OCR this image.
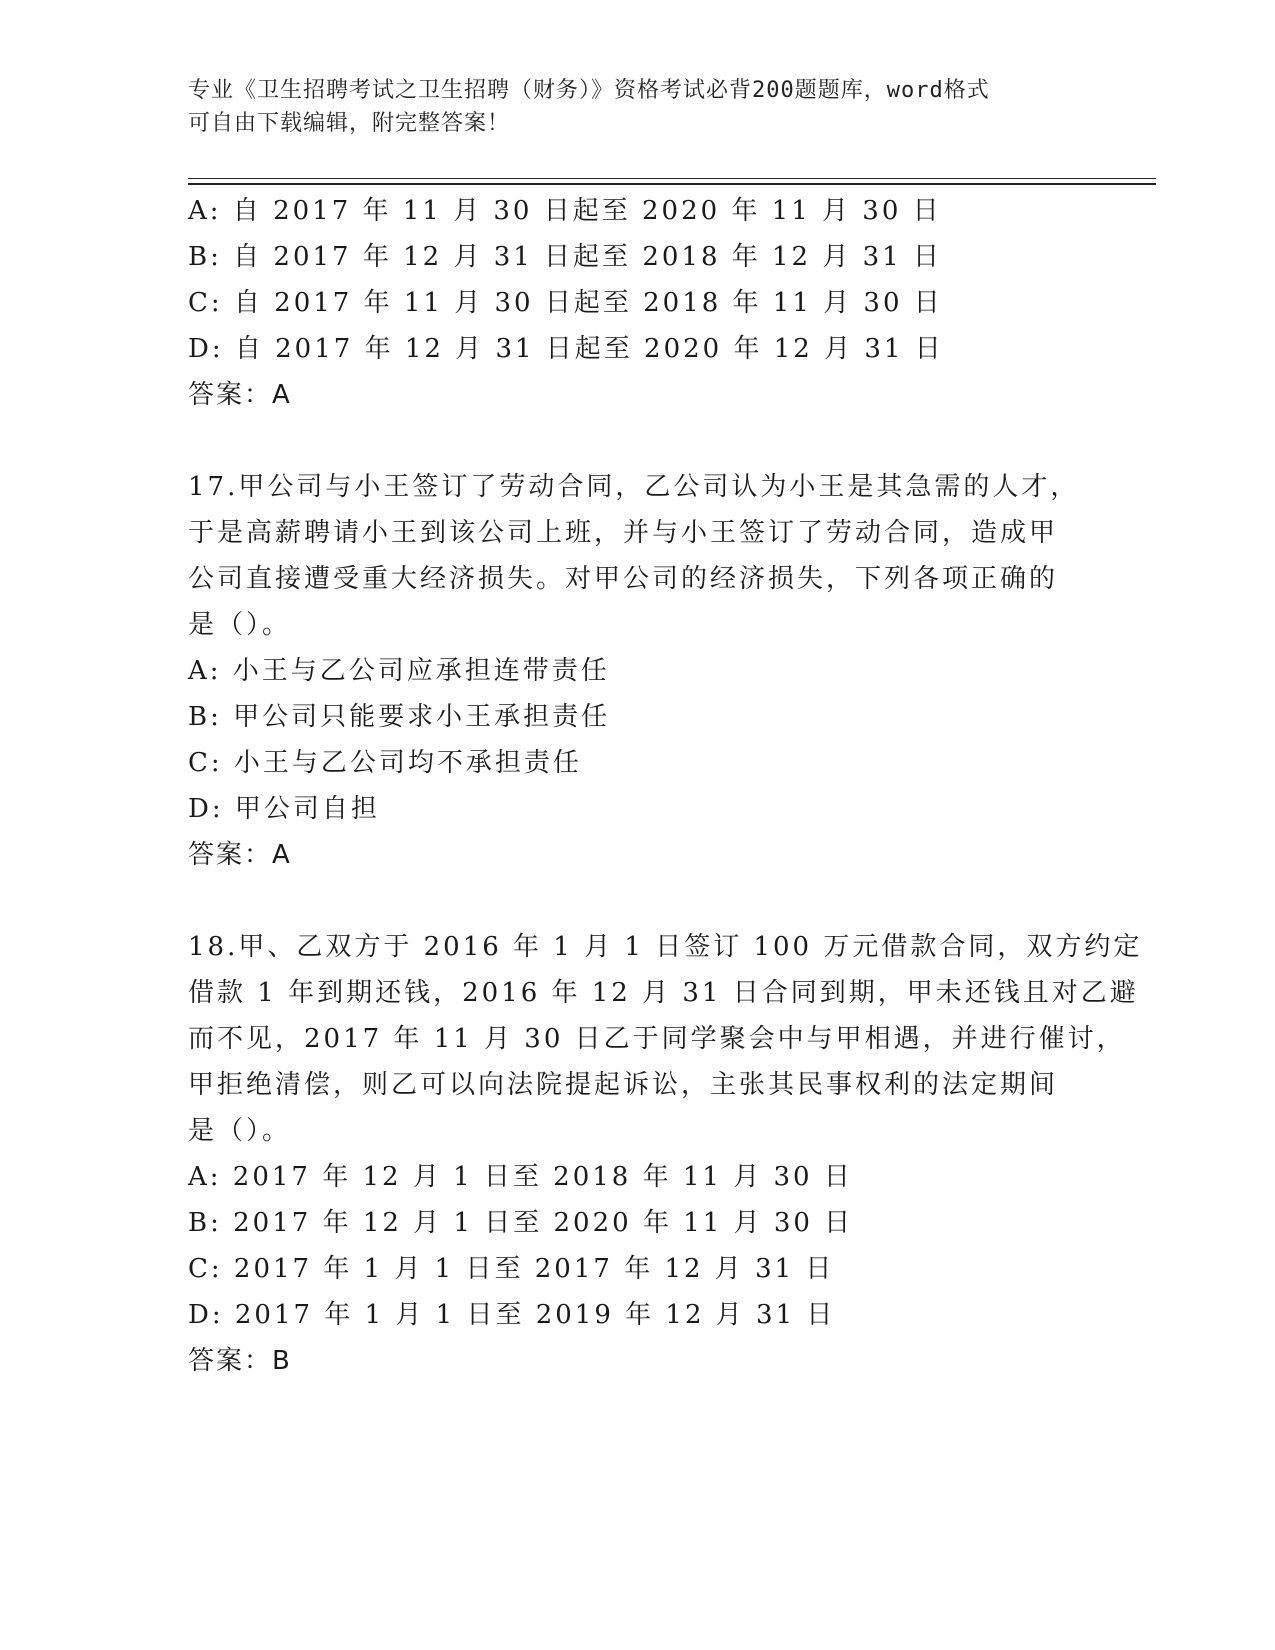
专业《卫生招聘考试之卫生招聘（财务）》资格考试必背200题题库，word格式
可自由下载编辑，附完整答案！
A: 自 2017 年 11 月 30 日起至 2020 年 11 月 30 日
B: 自 2017 年 12 月 31 日起至 2018 年 12 月 31 日
C: 自 2017 年 11 月 30 日起至 2018 年 11 月 30 日
D: 自 2017 年 12 月 31 日起至 2020 年 12 月 31 日
答案：A
17.甲公司与小王签订了劳动合同，乙公司认为小王是其急需的人才，
于是高薪聘请小王到该公司上班，并与小王签订了劳动合同，造成甲
公司直接遭受重大经济损失。对甲公司的经济损失，下列各项正确的
是（）。
A: 小王与乙公司应承担连带责任
B: 甲公司只能要求小王承担责任
C: 小王与乙公司均不承担责任
D: 甲公司自担
答案：A
18.甲、乙双方于 2016 年 1 月 1 日签订 100 万元借款合同，双方约定
借款 1 年到期还钱，2016 年 12 月 31 日合同到期，甲未还钱且对乙避
而不见，2017 年 11 月 30 日乙于同学聚会中与甲相遇，并进行催讨，
甲拒绝清偿，则乙可以向法院提起诉讼，主张其民事权利的法定期间
是（）。
A: 2017 年 12 月 1 日至 2018 年 11 月 30 日
B: 2017 年 12 月 1 日至 2020 年 11 月 30 日
C: 2017 年 1 月 1 日至 2017 年 12 月 31 日
D: 2017 年 1 月 1 日至 2019 年 12 月 31 日
答案：B
